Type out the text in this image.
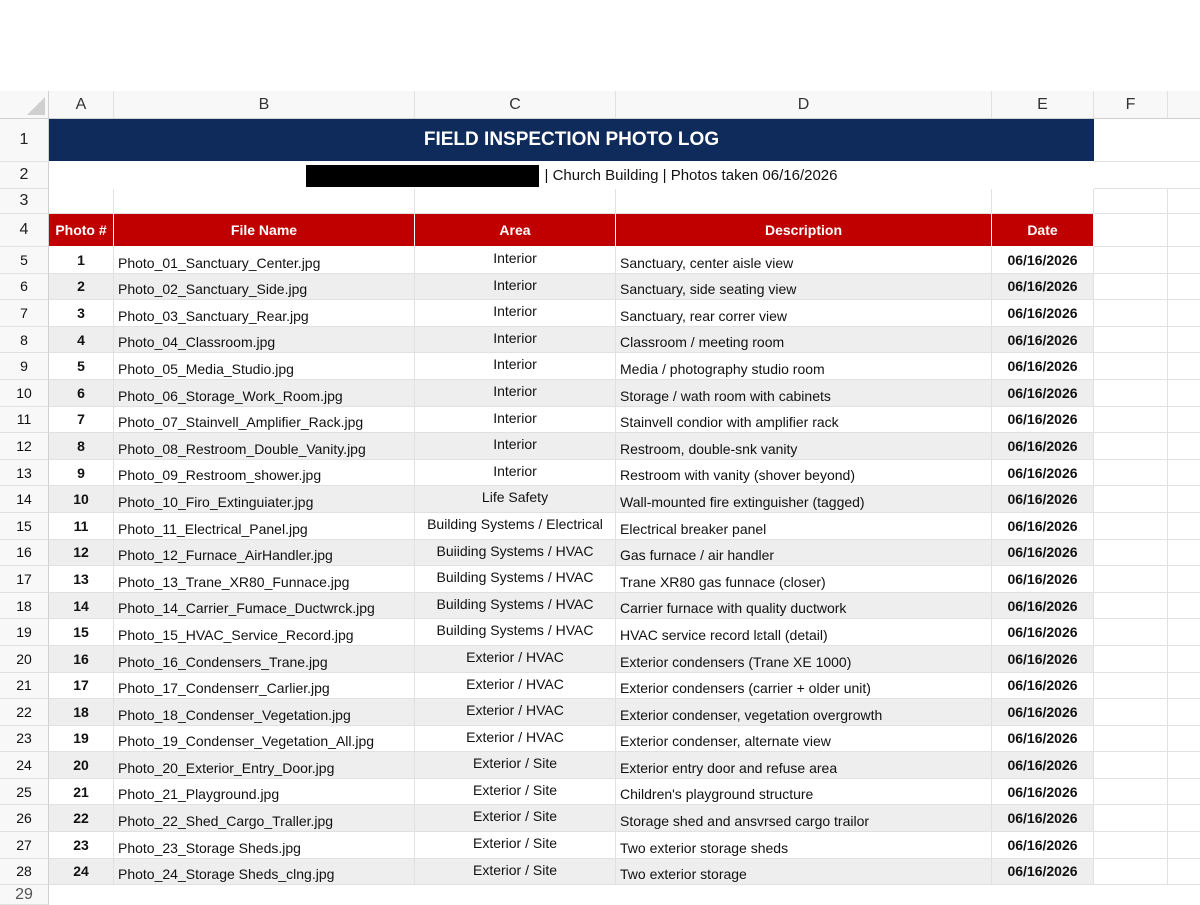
A	B	C	D	E	F
1	FIELD INSPECTION PHOTO LOG
2	| Church Building | Photos taken 06/16/2026
3
4	Photo #	File Name	Area	Description	Date
5	1	Photo_01_Sanctuary_Center.jpg	Interior	Sanctuary, center aisle view	06/16/2026
6	2	Photo_02_Sanctuary_Side.jpg	Interior	Sanctuary, side seating view	06/16/2026
7	3	Photo_03_Sanctuary_Rear.jpg	Interior	Sanctuary, rear correr view	06/16/2026
8	4	Photo_04_Classroom.jpg	Interior	Classroom / meeting room	06/16/2026
9	5	Photo_05_Media_Studio.jpg	Interior	Media / photography studio room	06/16/2026
10	6	Photo_06_Storage_Work_Room.jpg	Interior	Storage / wath room with cabinets	06/16/2026
11	7	Photo_07_Stainvell_Amplifier_Rack.jpg	Interior	Stainvell condior with amplifier rack	06/16/2026
12	8	Photo_08_Restroom_Double_Vanity.jpg	Interior	Restroom, double-snk vanity	06/16/2026
13	9	Photo_09_Restroom_shower.jpg	Interior	Restroom with vanity (shover beyond)	06/16/2026
14	10	Photo_10_Firo_Extinguiater.jpg	Life Safety	Wall-mounted fire extinguisher (tagged)	06/16/2026
15	11	Photo_11_Electrical_Panel.jpg	Building Systems / Electrical	Electrical breaker panel	06/16/2026
16	12	Photo_12_Furnace_AirHandler.jpg	Buiiding Systems / HVAC	Gas furnace / air handler	06/16/2026
17	13	Photo_13_Trane_XR80_Funnace.jpg	Building Systems / HVAC	Trane XR80 gas funnace (closer)	06/16/2026
18	14	Photo_14_Carrier_Fumace_Ductwrck.jpg	Building Systems / HVAC	Carrier furnace with quality ductwork	06/16/2026
19	15	Photo_15_HVAC_Service_Record.jpg	Building Systems / HVAC	HVAC service record lɛtall (detail)	06/16/2026
20	16	Photo_16_Condensers_Trane.jpg	Exterior / HVAC	Exterior condensers (Trane XE 1000)	06/16/2026
21	17	Photo_17_Condenserr_Carlier.jpg	Exterior / HVAC	Exterior condensers (carrier + older unit)	06/16/2026
22	18	Photo_18_Condenser_Vegetation.jpg	Exterior / HVAC	Exterior condenser, vegetation overgrowth	06/16/2026
23	19	Photo_19_Condenser_Vegetation_All.jpg	Exterior / HVAC	Exterior condenser, alternate view	06/16/2026
24	20	Photo_20_Exterior_Entry_Door.jpg	Exterior / Site	Exterior entry door and refuse area	06/16/2026
25	21	Photo_21_Playground.jpg	Exterior / Site	Children's playground structure	06/16/2026
26	22	Photo_22_Shed_Cargo_Traller.jpg	Exterior / Site	Storage shed and ansvrsed cargo trailor	06/16/2026
27	23	Photo_23_Storage Sheds.jpg	Exterior / Site	Two exterior storage sheds	06/16/2026
28	24	Photo_24_Storage Sheds_clng.jpg	Exterior / Site	Two exterior storage	06/16/2026
29
